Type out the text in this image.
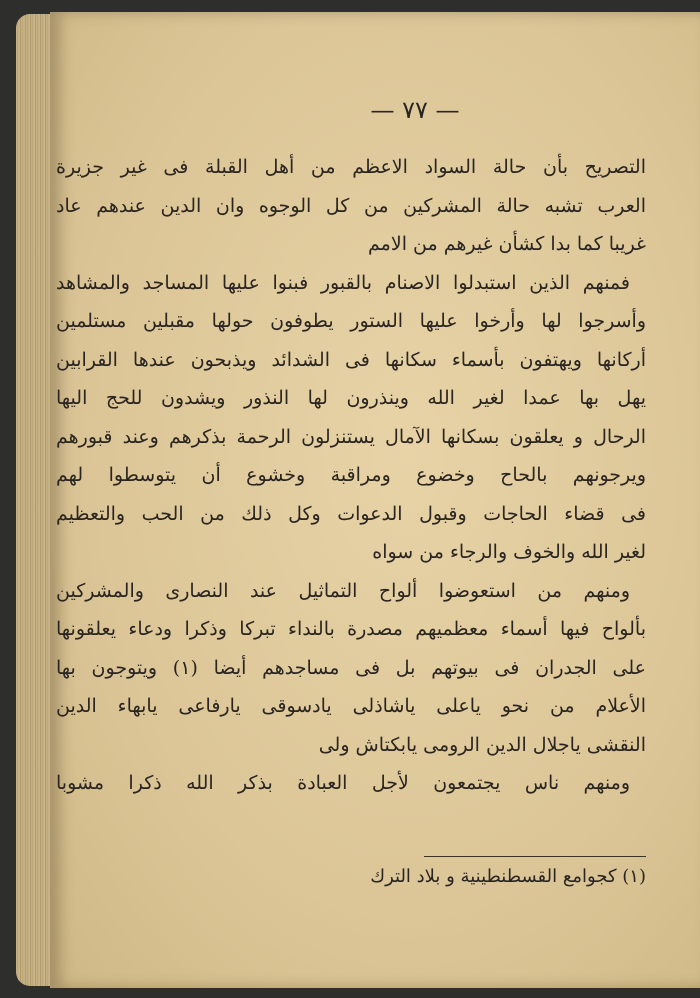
— ٧٧ —
التصريح بأن حالة السواد الاعظم من أهل القبلة فى غير جزيرة
العرب تشبه حالة المشركين من كل الوجوه وان الدين عندهم عاد
غريبا كما بدا كشأن غيرهم من الامم
فمنهم الذين استبدلوا الاصنام بالقبور فبنوا عليها المساجد والمشاهد
وأسرجوا لها وأرخوا عليها الستور يطوفون حولها مقبلين مستلمين
أركانها ويهتفون بأسماء سكانها فى الشدائد ويذبحون عندها القرابين
يهل بها عمدا لغير الله وينذرون لها النذور ويشدون للحج اليها
الرحال و يعلقون بسكانها الآمال يستنزلون الرحمة بذكرهم وعند قبورهم
ويرجونهم بالحاح وخضوع ومراقبة وخشوع أن يتوسطوا لهم
فى قضاء الحاجات وقبول الدعوات وكل ذلك من الحب والتعظيم
لغير الله والخوف والرجاء من سواه
ومنهم من استعوضوا ألواح التماثيل عند النصارى والمشركين
بألواح فيها أسماء معظميهم مصدرة بالنداء تبركا وذكرا ودعاء يعلقونها
على الجدران فى بيوتهم بل فى مساجدهم أيضا (١) ويتوجون بها
الأعلام من نحو ياعلى ياشاذلى يادسوقى يارفاعى يابهاء الدين
النقشى ياجلال الدين الرومى يابكتاش ولى
ومنهم ناس يجتمعون لأجل العبادة بذكر الله ذكرا مشوبا
(١) كجوامع القسطنطينية و بلاد الترك
